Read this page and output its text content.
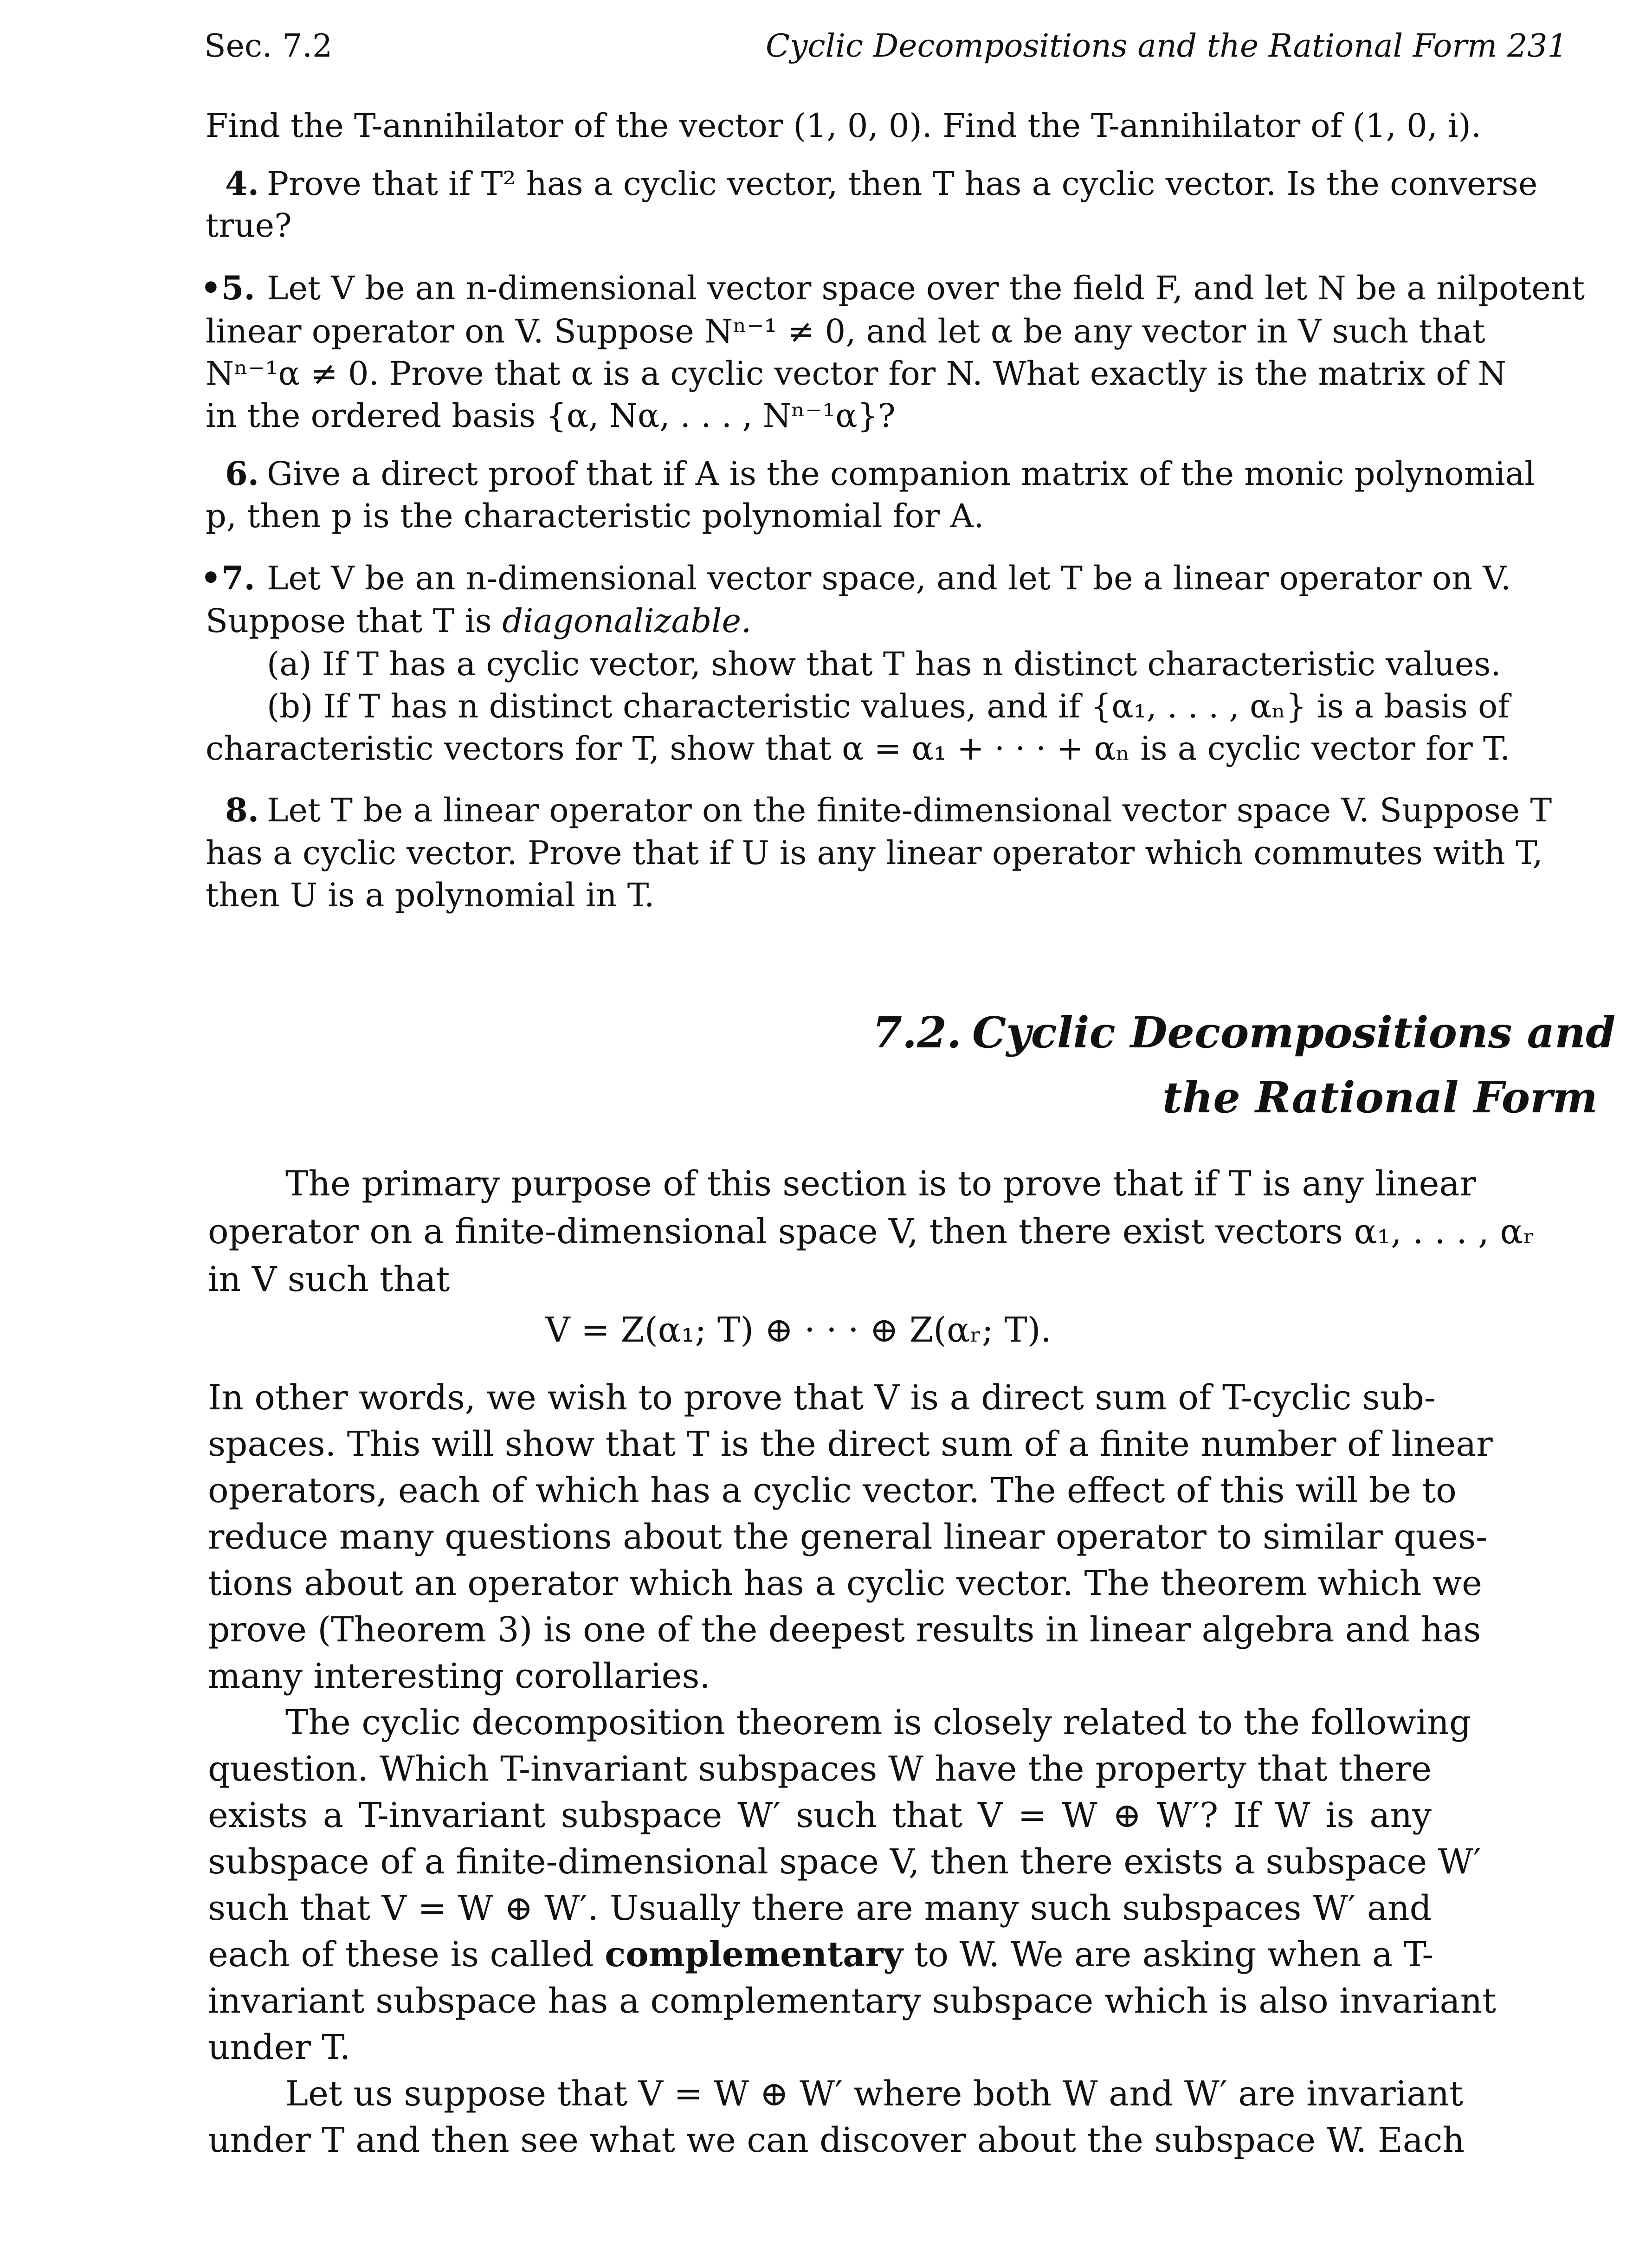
Sec. 7.2	Cyclic Decompositions and the Rational Form 231
Find the T-annihilator of the vector (1, 0, 0). Find the T-annihilator of (1, 0, i).
4. Prove that if T² has a cyclic vector, then T has a cyclic vector. Is the converse
true?
•5. Let V be an n-dimensional vector space over the field F, and let N be a nilpotent
linear operator on V. Suppose Nⁿ⁻¹ ≠ 0, and let α be any vector in V such that
Nⁿ⁻¹α ≠ 0. Prove that α is a cyclic vector for N. What exactly is the matrix of N
in the ordered basis {α, Nα, . . . , Nⁿ⁻¹α}?
6. Give a direct proof that if A is the companion matrix of the monic polynomial
p, then p is the characteristic polynomial for A.
•7. Let V be an n-dimensional vector space, and let T be a linear operator on V.
Suppose that T is diagonalizable.
(a) If T has a cyclic vector, show that T has n distinct characteristic values.
(b) If T has n distinct characteristic values, and if {α₁, . . . , αₙ} is a basis of
characteristic vectors for T, show that α = α₁ + · · · + αₙ is a cyclic vector for T.
8. Let T be a linear operator on the finite-dimensional vector space V. Suppose T
has a cyclic vector. Prove that if U is any linear operator which commutes with T,
then U is a polynomial in T.
7.2. Cyclic Decompositions and
the Rational Form
The primary purpose of this section is to prove that if T is any linear
operator on a finite-dimensional space V, then there exist vectors α₁, . . . , αᵣ
in V such that
V = Z(α₁; T) ⊕ · · · ⊕ Z(αᵣ; T).
In other words, we wish to prove that V is a direct sum of T-cyclic sub-
spaces. This will show that T is the direct sum of a finite number of linear
operators, each of which has a cyclic vector. The effect of this will be to
reduce many questions about the general linear operator to similar ques-
tions about an operator which has a cyclic vector. The theorem which we
prove (Theorem 3) is one of the deepest results in linear algebra and has
many interesting corollaries.
The cyclic decomposition theorem is closely related to the following
question. Which T-invariant subspaces W have the property that there
exists a T-invariant subspace W′ such that V = W ⊕ W′? If W is any
subspace of a finite-dimensional space V, then there exists a subspace W′
such that V = W ⊕ W′. Usually there are many such subspaces W′ and
each of these is called complementary to W. We are asking when a T-
invariant subspace has a complementary subspace which is also invariant
under T.
Let us suppose that V = W ⊕ W′ where both W and W′ are invariant
under T and then see what we can discover about the subspace W. Each
